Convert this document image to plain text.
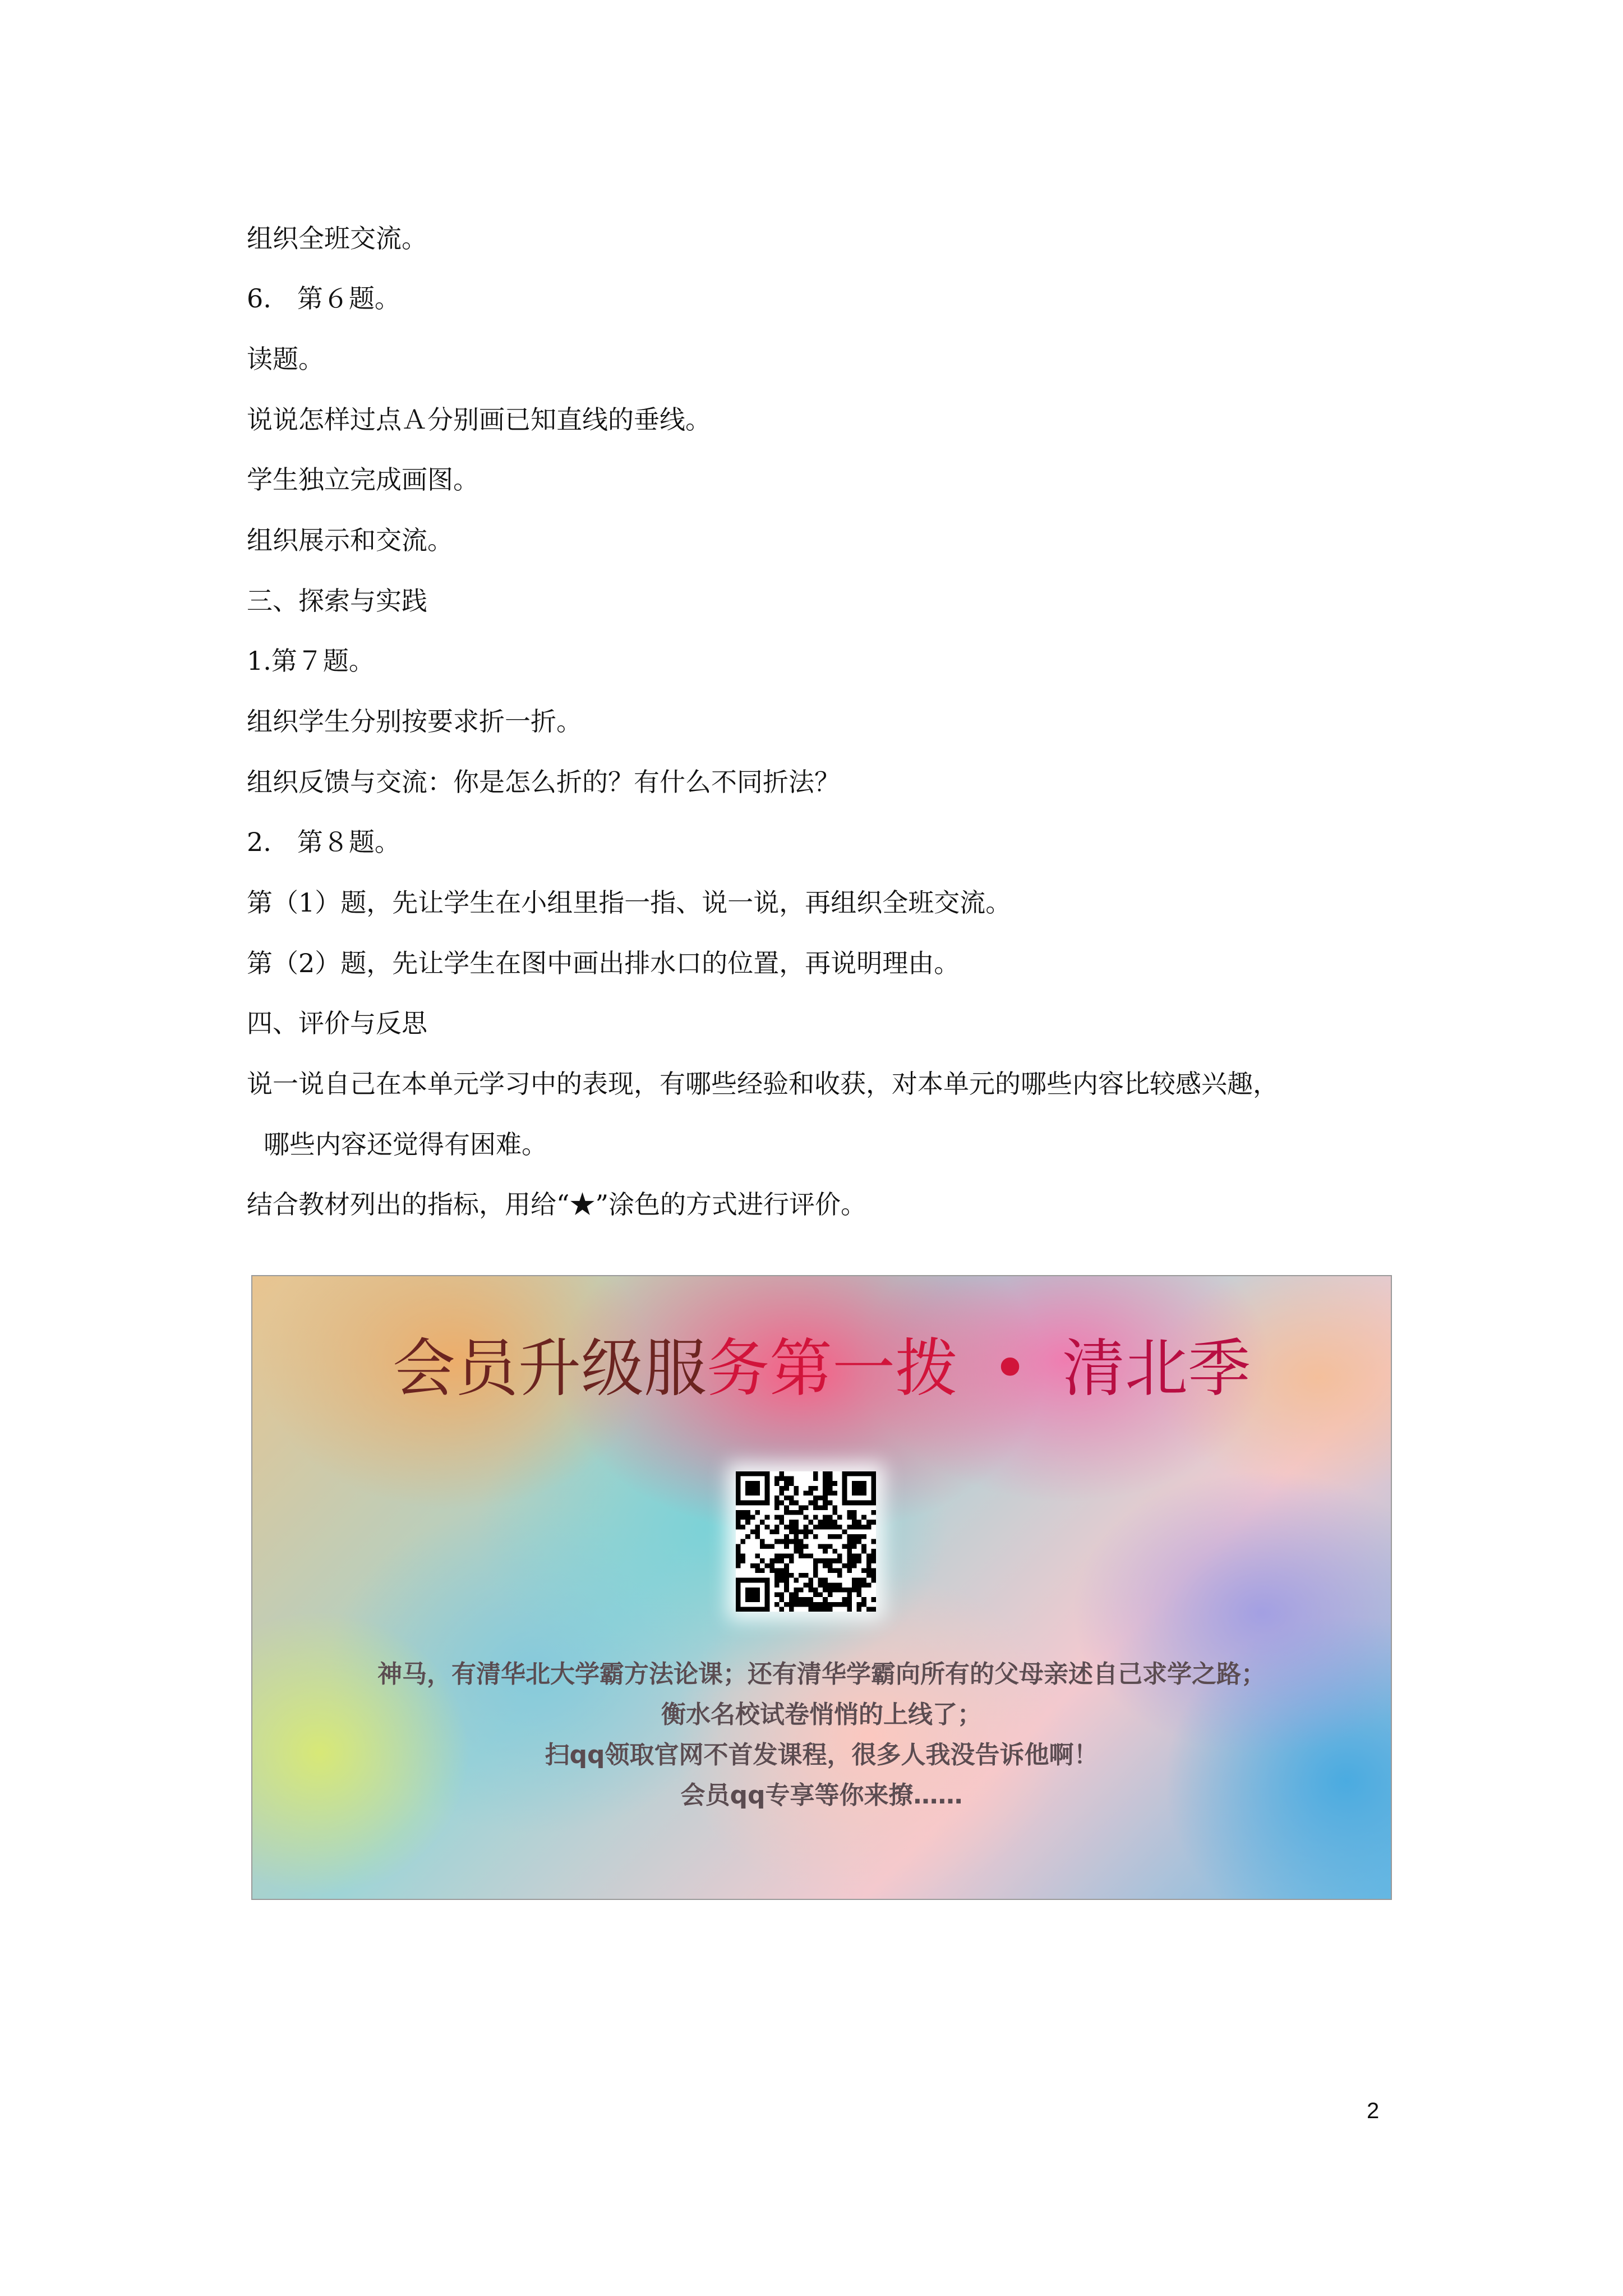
组织全班交流。
6.　第６题。
读题。
说说怎样过点Ａ分别画已知直线的垂线。
学生独立完成画图。
组织展示和交流。
三、探索与实践
1.第７题。
组织学生分别按要求折一折。
组织反馈与交流：你是怎么折的？有什么不同折法？
2.　第８题。
第（1）题，先让学生在小组里指一指、说一说，再组织全班交流。
第（2）题，先让学生在图中画出排水口的位置，再说明理由。
四、评价与反思
说一说自己在本单元学习中的表现，有哪些经验和收获，对本单元的哪些内容比较感兴趣，
哪些内容还觉得有困难。
结合教材列出的指标，用给“★”涂色的方式进行评价。
会员升级服务第一拨 • 清北季
神马，有清华北大学霸方法论课；还有清华学霸向所有的父母亲述自己求学之路；
衡水名校试卷悄悄的上线了；
扫qq领取官网不首发课程，很多人我没告诉他啊！
会员qq专享等你来撩……
2
